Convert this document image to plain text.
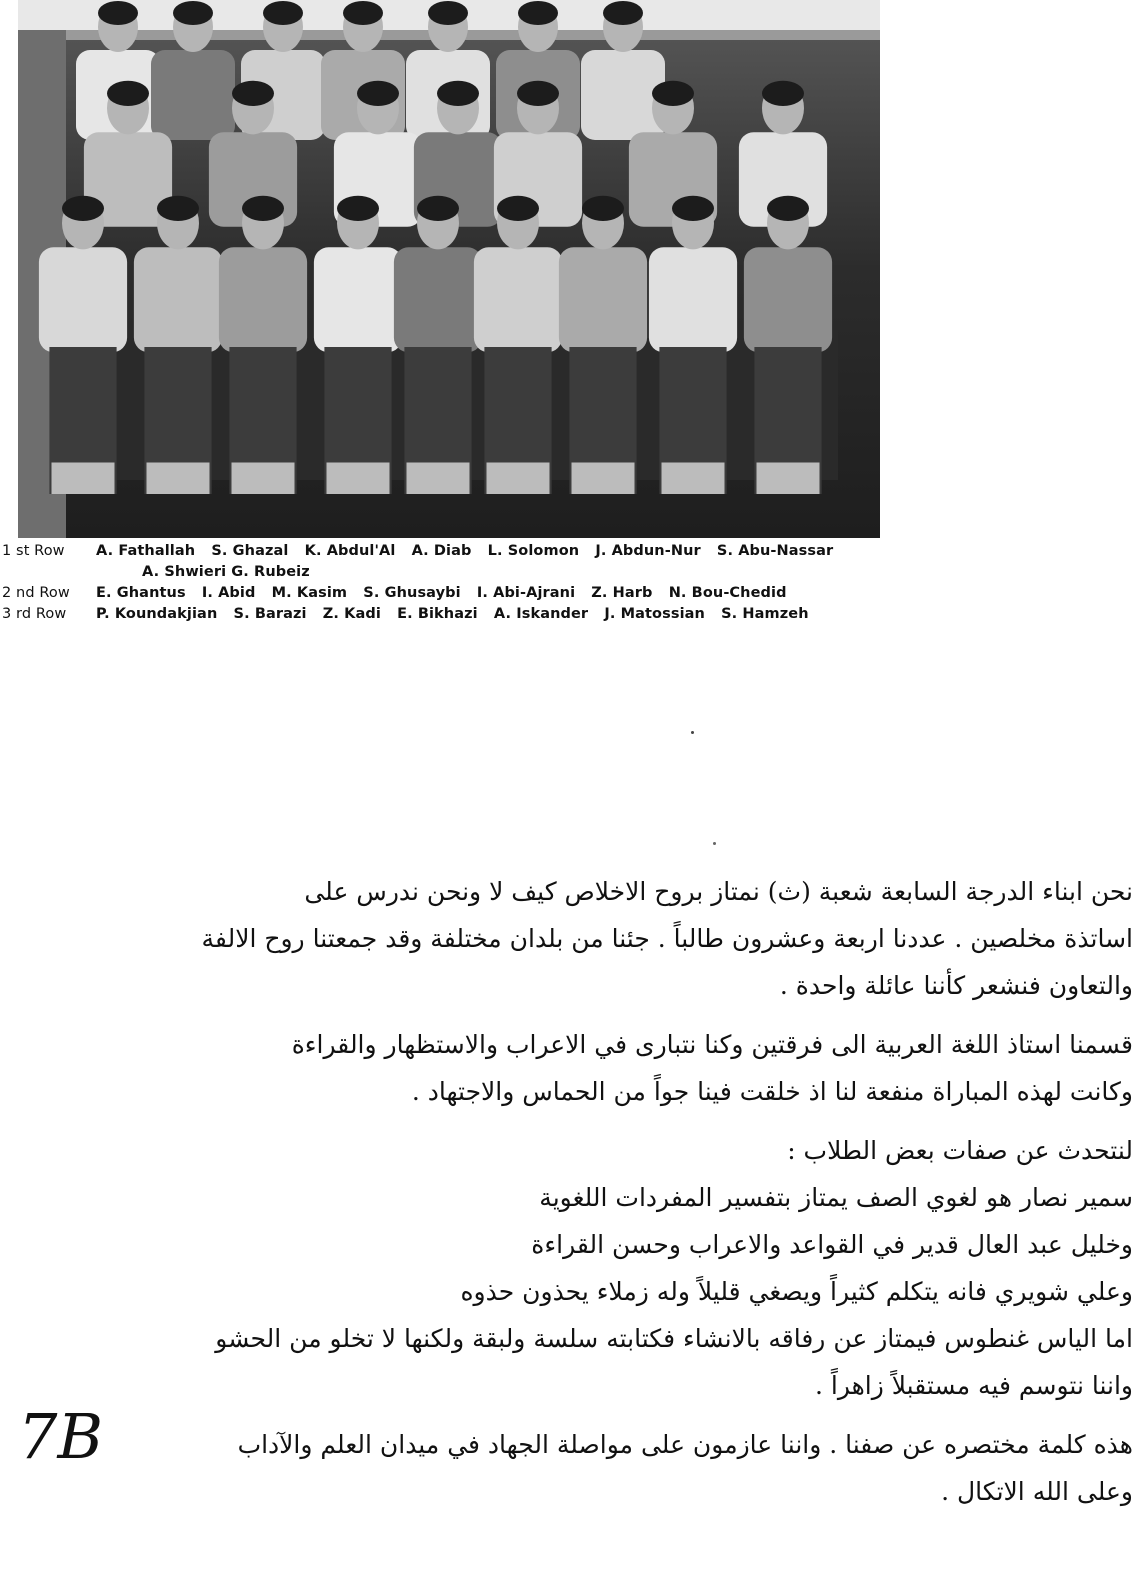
1 st Row A. Fathallah S. Ghazal K. Abdul'Al A. Diab L. Solomon J. Abdun-Nur S. Abu-Nassar
A. Shwieri G. Rubeiz
2 nd Row E. Ghantus I. Abid M. Kasim S. Ghusaybi I. Abi-Ajrani Z. Harb N. Bou-Chedid
3 rd Row P. Koundakjian S. Barazi Z. Kadi E. Bikhazi A. Iskander J. Matossian S. Hamzeh

نحن ابناء الدرجة السابعة شعبة (ث) نمتاز بروح الاخلاص كيف لا ونحن ندرس على

اساتذة مخلصين . عددنا اربعة وعشرون طالباً . جئنا من بلدان مختلفة وقد جمعتنا روح الالفة

والتعاون فنشعر كأننا عائلة واحدة .

قسمنا استاذ اللغة العربية الى فرقتين وكنا نتبارى في الاعراب والاستظهار والقراءة

وكانت لهذه المباراة منفعة لنا اذ خلقت فينا جواً من الحماس والاجتهاد .

لنتحدث عن صفات بعض الطلاب :

سمير نصار هو لغوي الصف يمتاز بتفسير المفردات اللغوية

وخليل عبد العال قدير في القواعد والاعراب وحسن القراءة

وعلي شويري فانه يتكلم كثيراً ويصغي قليلاً وله زملاء يحذون حذوه

اما الياس غنطوس فيمتاز عن رفاقه بالانشاء فكتابته سلسة ولبقة ولكنها لا تخلو من الحشو

واننا نتوسم فيه مستقبلاً زاهراً .

هذه كلمة مختصره عن صفنا . واننا عازمون على مواصلة الجهاد في ميدان العلم والآداب

وعلى الله الاتكال .

7B
